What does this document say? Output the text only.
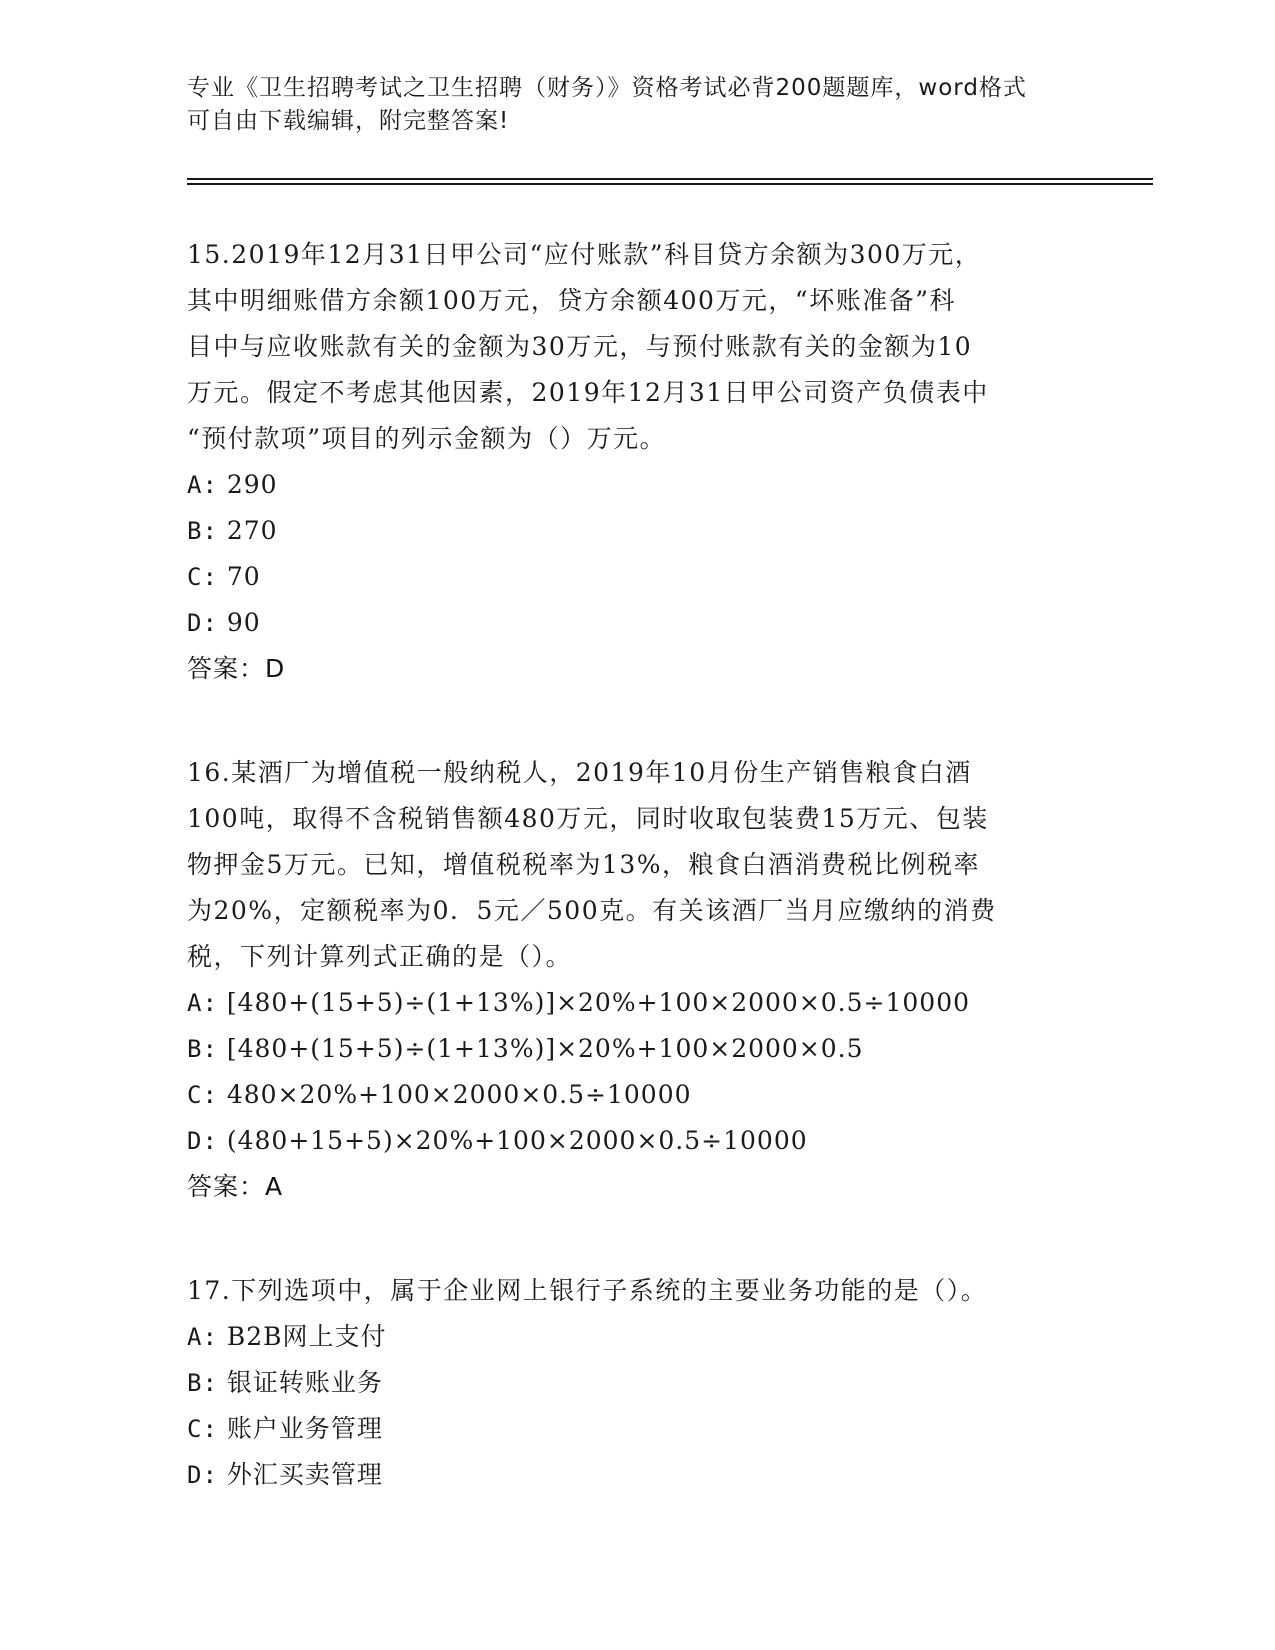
专业《卫生招聘考试之卫生招聘（财务）》资格考试必背200题题库，word格式
可自由下载编辑，附完整答案!
15.2019年12月31日甲公司“应付账款”科目贷方余额为300万元，
其中明细账借方余额100万元，贷方余额400万元，“坏账准备”科
目中与应收账款有关的金额为30万元，与预付账款有关的金额为10
万元。假定不考虑其他因素，2019年12月31日甲公司资产负债表中
“预付款项”项目的列示金额为（）万元。
A: 290
B: 270
C: 70
D: 90
答案：D
16.某酒厂为增值税一般纳税人，2019年10月份生产销售粮食白酒
100吨，取得不含税销售额480万元，同时收取包装费15万元、包装
物押金5万元。已知，增值税税率为13%，粮食白酒消费税比例税率
为20%，定额税率为0．5元／500克。有关该酒厂当月应缴纳的消费
税，下列计算列式正确的是（）。
A: [480+(15+5)÷(1+13%)]×20%+100×2000×0.5÷10000
B: [480+(15+5)÷(1+13%)]×20%+100×2000×0.5
C: 480×20%+100×2000×0.5÷10000
D: (480+15+5)×20%+100×2000×0.5÷10000
答案：A
17.下列选项中，属于企业网上银行子系统的主要业务功能的是（）。
A: B2B网上支付
B: 银证转账业务
C: 账户业务管理
D: 外汇买卖管理
